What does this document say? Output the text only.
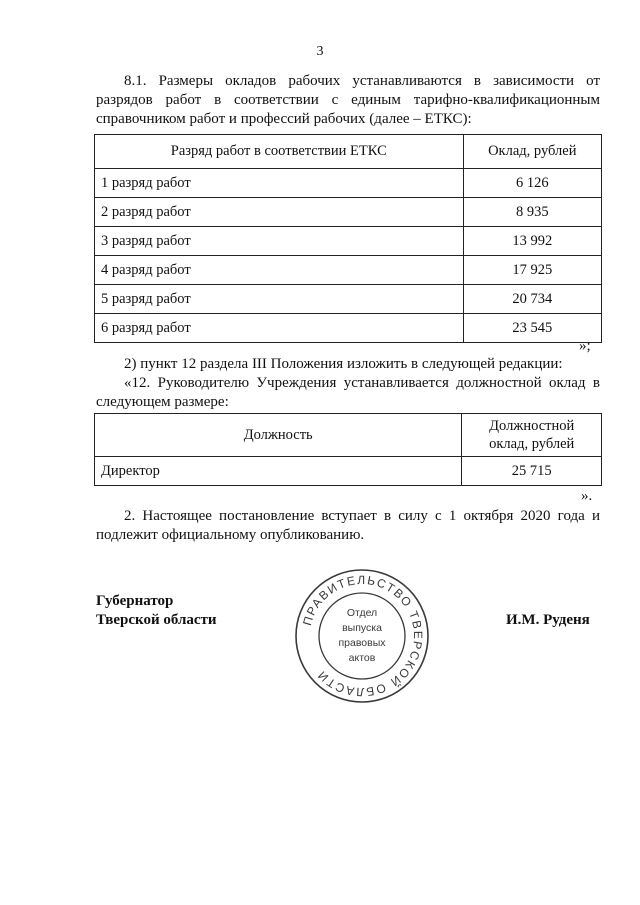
3
8.1. Размеры окладов рабочих устанавливаются в зависимости от разрядов работ в соответствии с единым тарифно-квалификационным справочником работ и профессий рабочих (далее – ЕТКС):
Разряд работ в соответствии ЕТКС	Оклад, рублей
1 разряд работ	6 126
2 разряд работ	8 935
3 разряд работ	13 992
4 разряд работ	17 925
5 разряд работ	20 734
6 разряд работ	23 545
»;
2) пункт 12 раздела III Положения изложить в следующей редакции:
«12. Руководителю Учреждения устанавливается должностной оклад в следующем размере:
Должность	Должностной оклад, рублей
Директор	25 715
».
2. Настоящее постановление вступает в силу с 1 октября 2020 года и подлежит официальному опубликованию.
Губернатор
Тверской области	И.М. Руденя
ПРАВИТЕЛЬСТВО ТВЕРСКОЙ ОБЛАСТИ
Отдел
выпуска
правовых
актов
